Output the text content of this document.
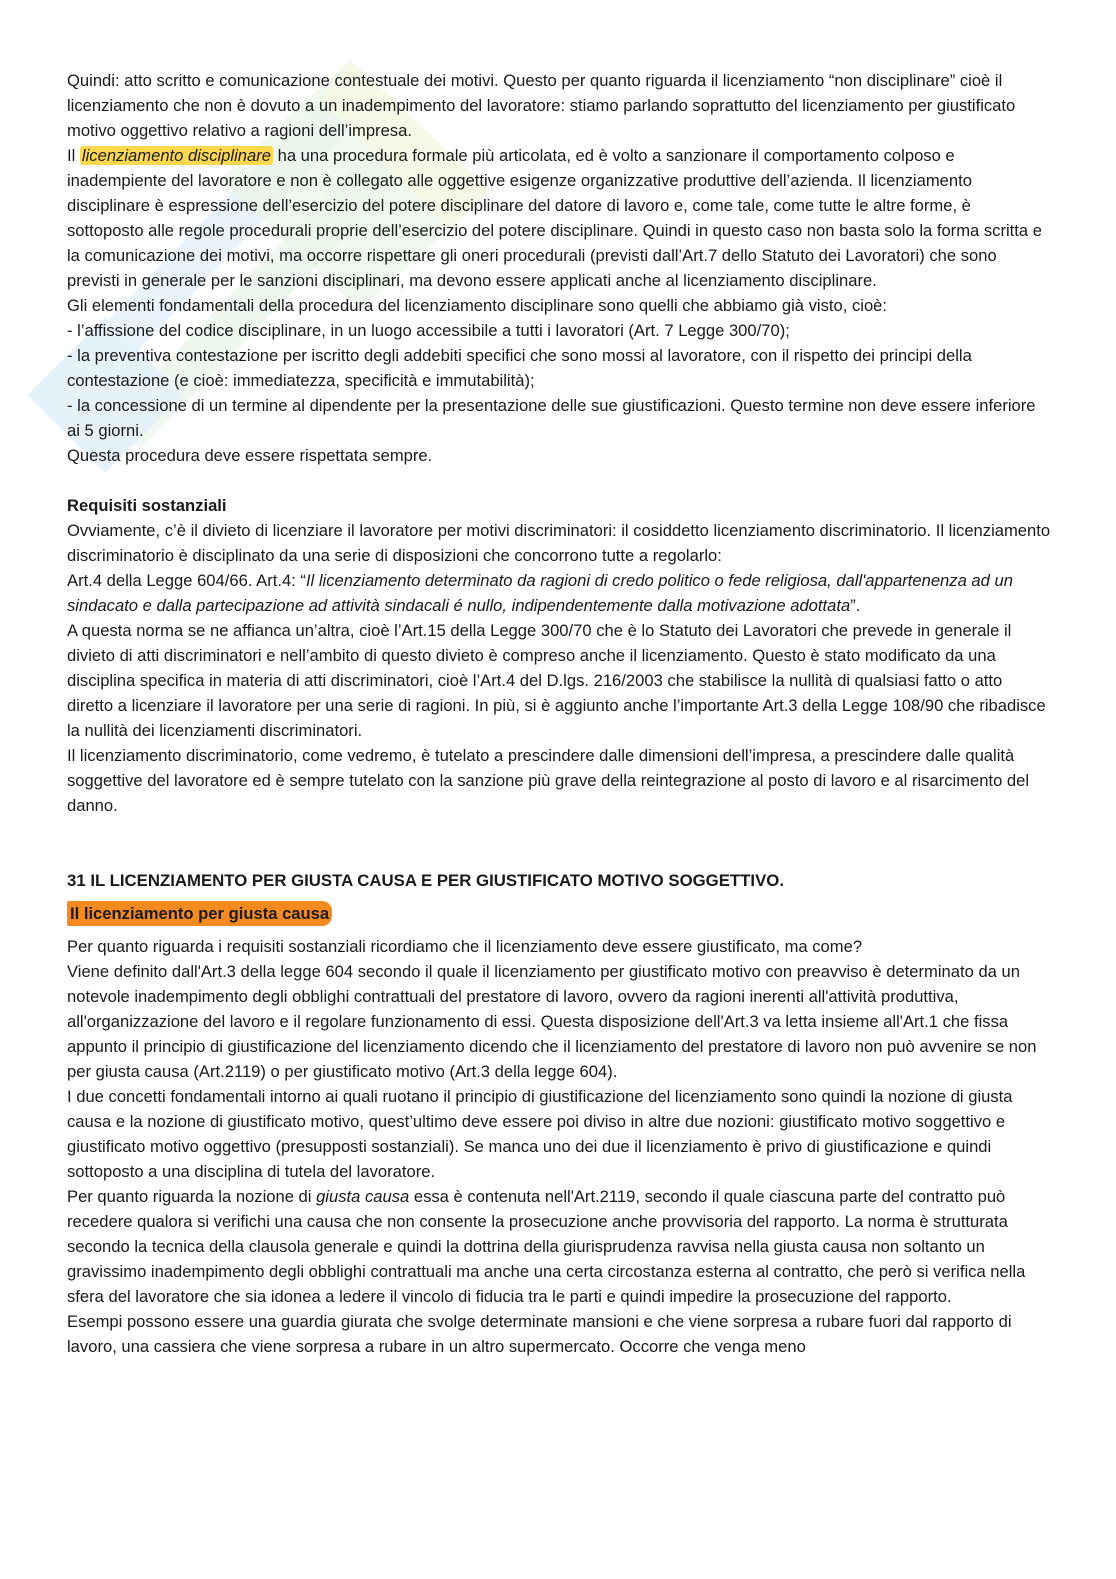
Quindi: atto scritto e comunicazione contestuale dei motivi. Questo per quanto riguarda il licenziamento “non disciplinare” cioè il licenziamento che non è dovuto a un inadempimento del lavoratore: stiamo parlando soprattutto del licenziamento per giustificato motivo oggettivo relativo a ragioni dell’impresa.

Il licenziamento disciplinare ha una procedura formale più articolata, ed è volto a sanzionare il comportamento colposo e inadempiente del lavoratore e non è collegato alle oggettive esigenze organizzative produttive dell’azienda. Il licenziamento disciplinare è espressione dell’esercizio del potere disciplinare del datore di lavoro e, come tale, come tutte le altre forme, è sottoposto alle regole procedurali proprie dell’esercizio del potere disciplinare. Quindi in questo caso non basta solo la forma scritta e la comunicazione dei motivi, ma occorre rispettare gli oneri procedurali (previsti dall’Art.7 dello Statuto dei Lavoratori) che sono previsti in generale per le sanzioni disciplinari, ma devono essere applicati anche al licenziamento disciplinare.

Gli elementi fondamentali della procedura del licenziamento disciplinare sono quelli che abbiamo già visto, cioè:

- l’affissione del codice disciplinare, in un luogo accessibile a tutti i lavoratori (Art. 7 Legge 300/70);

- la preventiva contestazione per iscritto degli addebiti specifici che sono mossi al lavoratore, con il rispetto dei principi della contestazione (e cioè: immediatezza, specificità e immutabilità);

- la concessione di un termine al dipendente per la presentazione delle sue giustificazioni. Questo termine non deve essere inferiore ai 5 giorni.

Questa procedura deve essere rispettata sempre.

Requisiti sostanziali

Ovviamente, c’è il divieto di licenziare il lavoratore per motivi discriminatori: il cosiddetto licenziamento discriminatorio. Il licenziamento discriminatorio è disciplinato da una serie di disposizioni che concorrono tutte a regolarlo:

Art.4 della Legge 604/66. Art.4: “Il licenziamento determinato da ragioni di credo politico o fede religiosa, dall'appartenenza ad un sindacato e dalla partecipazione ad attività sindacali é nullo, indipendentemente dalla motivazione adottata”.

A questa norma se ne affianca un’altra, cioè l’Art.15 della Legge 300/70 che è lo Statuto dei Lavoratori che prevede in generale il divieto di atti discriminatori e nell’ambito di questo divieto è compreso anche il licenziamento. Questo è stato modificato da una disciplina specifica in materia di atti discriminatori, cioè l’Art.4 del D.lgs. 216/2003 che stabilisce la nullità di qualsiasi fatto o atto diretto a licenziare il lavoratore per una serie di ragioni. In più, si è aggiunto anche l’importante Art.3 della Legge 108/90 che ribadisce la nullità dei licenziamenti discriminatori.

Il licenziamento discriminatorio, come vedremo, è tutelato a prescindere dalle dimensioni dell’impresa, a prescindere dalle qualità soggettive del lavoratore ed è sempre tutelato con la sanzione più grave della reintegrazione al posto di lavoro e al risarcimento del danno.

31 IL LICENZIAMENTO PER GIUSTA CAUSA E PER GIUSTIFICATO MOTIVO SOGGETTIVO.

Il licenziamento per giusta causa

Per quanto riguarda i requisiti sostanziali ricordiamo che il licenziamento deve essere giustificato, ma come?

Viene definito dall'Art.3 della legge 604 secondo il quale il licenziamento per giustificato motivo con preavviso è determinato da un notevole inadempimento degli obblighi contrattuali del prestatore di lavoro, ovvero da ragioni inerenti all'attività produttiva, all'organizzazione del lavoro e il regolare funzionamento di essi. Questa disposizione dell'Art.3 va letta insieme all'Art.1 che fissa appunto il principio di giustificazione del licenziamento dicendo che il licenziamento del prestatore di lavoro non può avvenire se non per giusta causa (Art.2119) o per giustificato motivo (Art.3 della legge 604).

I due concetti fondamentali intorno ai quali ruotano il principio di giustificazione del licenziamento sono quindi la nozione di giusta causa e la nozione di giustificato motivo, quest’ultimo deve essere poi diviso in altre due nozioni: giustificato motivo soggettivo e giustificato motivo oggettivo (presupposti sostanziali). Se manca uno dei due il licenziamento è privo di giustificazione e quindi sottoposto a una disciplina di tutela del lavoratore.

Per quanto riguarda la nozione di giusta causa essa è contenuta nell'Art.2119, secondo il quale ciascuna parte del contratto può recedere qualora si verifichi una causa che non consente la prosecuzione anche provvisoria del rapporto. La norma è strutturata secondo la tecnica della clausola generale e quindi la dottrina della giurisprudenza ravvisa nella giusta causa non soltanto un gravissimo inadempimento degli obblighi contrattuali ma anche una certa circostanza esterna al contratto, che però si verifica nella sfera del lavoratore che sia idonea a ledere il vincolo di fiducia tra le parti e quindi impedire la prosecuzione del rapporto.

Esempi possono essere una guardia giurata che svolge determinate mansioni e che viene sorpresa a rubare fuori dal rapporto di lavoro, una cassiera che viene sorpresa a rubare in un altro supermercato. Occorre che venga meno
